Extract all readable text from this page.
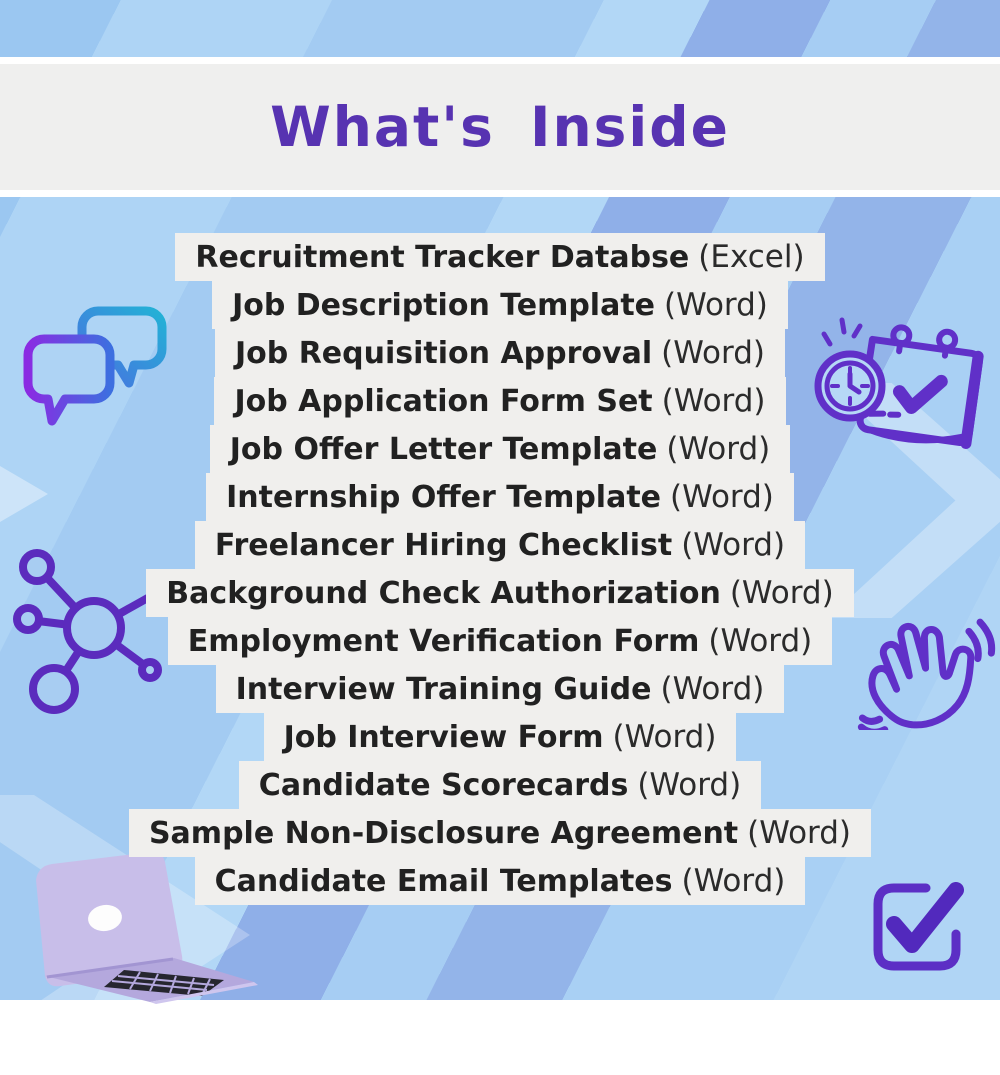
What's Inside
Recruitment Tracker Databse (Excel)
Job Description Template (Word)
Job Requisition Approval (Word)
Job Application Form Set (Word)
Job Offer Letter Template (Word)
Internship Offer Template (Word)
Freelancer Hiring Checklist (Word)
Background Check Authorization (Word)
Employment Verification Form (Word)
Interview Training Guide (Word)
Job Interview Form (Word)
Candidate Scorecards (Word)
Sample Non-Disclosure Agreement (Word)
Candidate Email Templates (Word)
